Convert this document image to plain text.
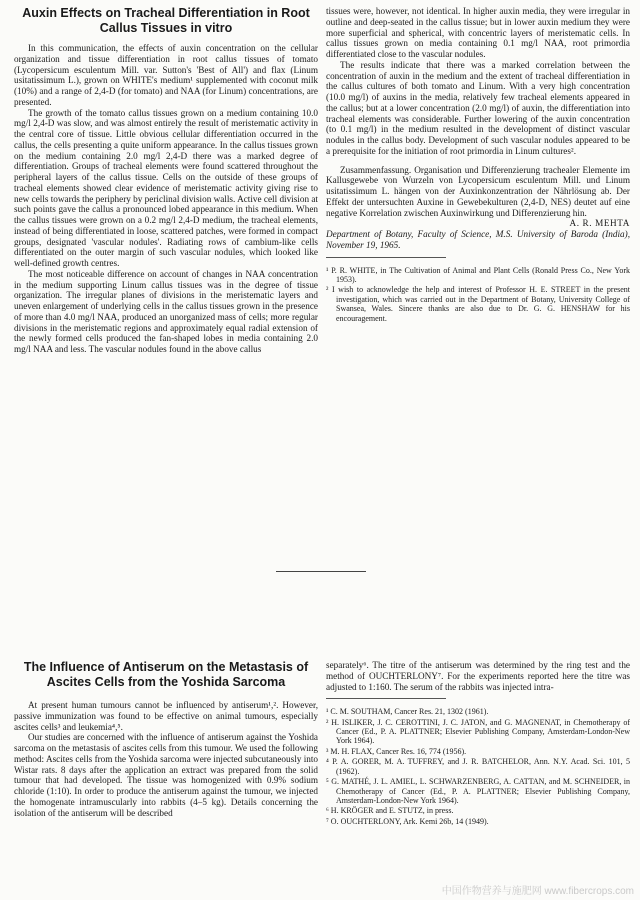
Auxin Effects on Tracheal Differentiation in Root Callus Tissues in vitro

In this communication, the effects of auxin concentration on the cellular organization and tissue differentiation in root callus tissues of tomato (Lycopersicum esculentum Mill. var. Sutton's 'Best of All') and flax (Linum usitatissimum L.), grown on WHITE's medium¹ supplemented with coconut milk (10%) and a range of 2,4-D (for tomato) and NAA (for Linum) concentrations, are presented.

The growth of the tomato callus tissues grown on a medium containing 10.0 mg/l 2,4-D was slow, and was almost entirely the result of meristematic activity in the central core of tissue. Little obvious cellular differentiation occurred in the callus, the cells presenting a quite uniform appearance. In the callus tissues grown on the medium containing 2.0 mg/l 2,4-D there was a marked degree of differentiation. Groups of tracheal elements were found scattered throughout the peripheral layers of the callus tissue. Cells on the outside of these groups of tracheal elements showed clear evidence of meristematic activity giving rise to new cells towards the periphery by periclinal division walls. Active cell division at such points gave the callus a pronounced lobed appearance in this medium. When the callus tissues were grown on a 0.2 mg/l 2,4-D medium, the tracheal elements, instead of being differentiated in loose, scattered patches, were formed in compact groups, designated 'vascular nodules'. Radiating rows of cambium-like cells differentiated on the outer margin of such vascular nodules, which looked like well-defined growth centres.

The most noticeable difference on account of changes in NAA concentration in the medium supporting Linum callus tissues was in the degree of tissue organization. The irregular planes of divisions in the meristematic layers and uneven enlargement of underlying cells in the callus tissues grown in the presence of more than 4.0 mg/l NAA, produced an unorganized mass of cells; more regular divisions in the meristematic regions and approximately equal radial extension of the newly formed cells produced the fan-shaped lobes in media containing 2.0 mg/l NAA and less. The vascular nodules found in the above callus

tissues were, however, not identical. In higher auxin media, they were irregular in outline and deep-seated in the callus tissue; but in lower auxin medium they were more superficial and spherical, with concentric layers of meristematic cells. In callus tissues grown on media containing 0.1 mg/l NAA, root primordia differentiated close to the vascular nodules.

The results indicate that there was a marked correlation between the concentration of auxin in the medium and the extent of tracheal differentiation in the callus cultures of both tomato and Linum. With a very high concentration (10.0 mg/l) of auxins in the media, relatively few tracheal elements appeared in the callus; but at a lower concentration (2.0 mg/l) of auxin, the differentiation into tracheal elements was considerable. Further lowering of the auxin concentration (to 0.1 mg/l) in the medium resulted in the development of distinct vascular nodules in the callus body. Development of such vascular nodules appeared to be a prerequisite for the initiation of root primordia in Linum cultures².

Zusammenfassung. Organisation und Differenzierung trachealer Elemente im Kallusgewebe von Wurzeln von Lycopersicum esculentum Mill. und Linum usitatissimum L. hängen von der Auxinkonzentration der Nährlösung ab. Der Effekt der untersuchten Auxine in Gewebekulturen (2,4-D, NES) deutet auf eine negative Korrelation zwischen Auxinwirkung und Differenzierung hin.

A. R. MEHTA

Department of Botany, Faculty of Science, M.S. University of Baroda (India), November 19, 1965.

¹ P. R. WHITE, in The Cultivation of Animal and Plant Cells (Ronald Press Co., New York 1953).

² I wish to acknowledge the help and interest of Professor H. E. STREET in the present investigation, which was carried out in the Department of Botany, University College of Swansea, Wales. Sincere thanks are also due to Dr. G. G. HENSHAW for his encouragement.

The Influence of Antiserum on the Metastasis of Ascites Cells from the Yoshida Sarcoma

At present human tumours cannot be influenced by antiserum¹,². However, passive immunization was found to be effective on animal tumours, especially ascites cells³ and leukemia⁴,⁵.

Our studies are concerned with the influence of antiserum against the Yoshida sarcoma on the metastasis of ascites cells from this tumour. We used the following method: Ascites cells from the Yoshida sarcoma were injected subcutaneously into Wistar rats. 8 days after the application an extract was prepared from the solid tumour that had developed. The tissue was homogenized with 0.9% sodium chloride (1:10). In order to produce the antiserum against the tumour, we injected the homogenate intramuscularly into rabbits (4–5 kg). Details concerning the isolation of the antiserum will be described

separately⁶. The titre of the antiserum was determined by the ring test and the method of OUCHTERLONY⁷. For the experiments reported here the titre was adjusted to 1:160. The serum of the rabbits was injected intra-

¹ C. M. SOUTHAM, Cancer Res. 21, 1302 (1961).

² H. ISLIKER, J. C. CEROTTINI, J. C. JATON, and G. MAGNENAT, in Chemotherapy of Cancer (Ed., P. A. PLATTNER; Elsevier Publishing Company, Amsterdam-London-New York 1964).

³ M. H. FLAX, Cancer Res. 16, 774 (1956).

⁴ P. A. GORER, M. A. TUFFREY, and J. R. BATCHELOR, Ann. N.Y. Acad. Sci. 101, 5 (1962).

⁵ G. MATHÉ, J. L. AMIEL, L. SCHWARZENBERG, A. CATTAN, and M. SCHNEIDER, in Chemotherapy of Cancer (Ed., P. A. PLATTNER; Elsevier Publishing Company, Amsterdam-London-New York 1964).

⁶ H. KRÖGER and E. STUTZ, in press.

⁷ O. OUCHTERLONY, Ark. Kemi 26b, 14 (1949).

中国作物营养与施肥网 www.fibercrops.com
